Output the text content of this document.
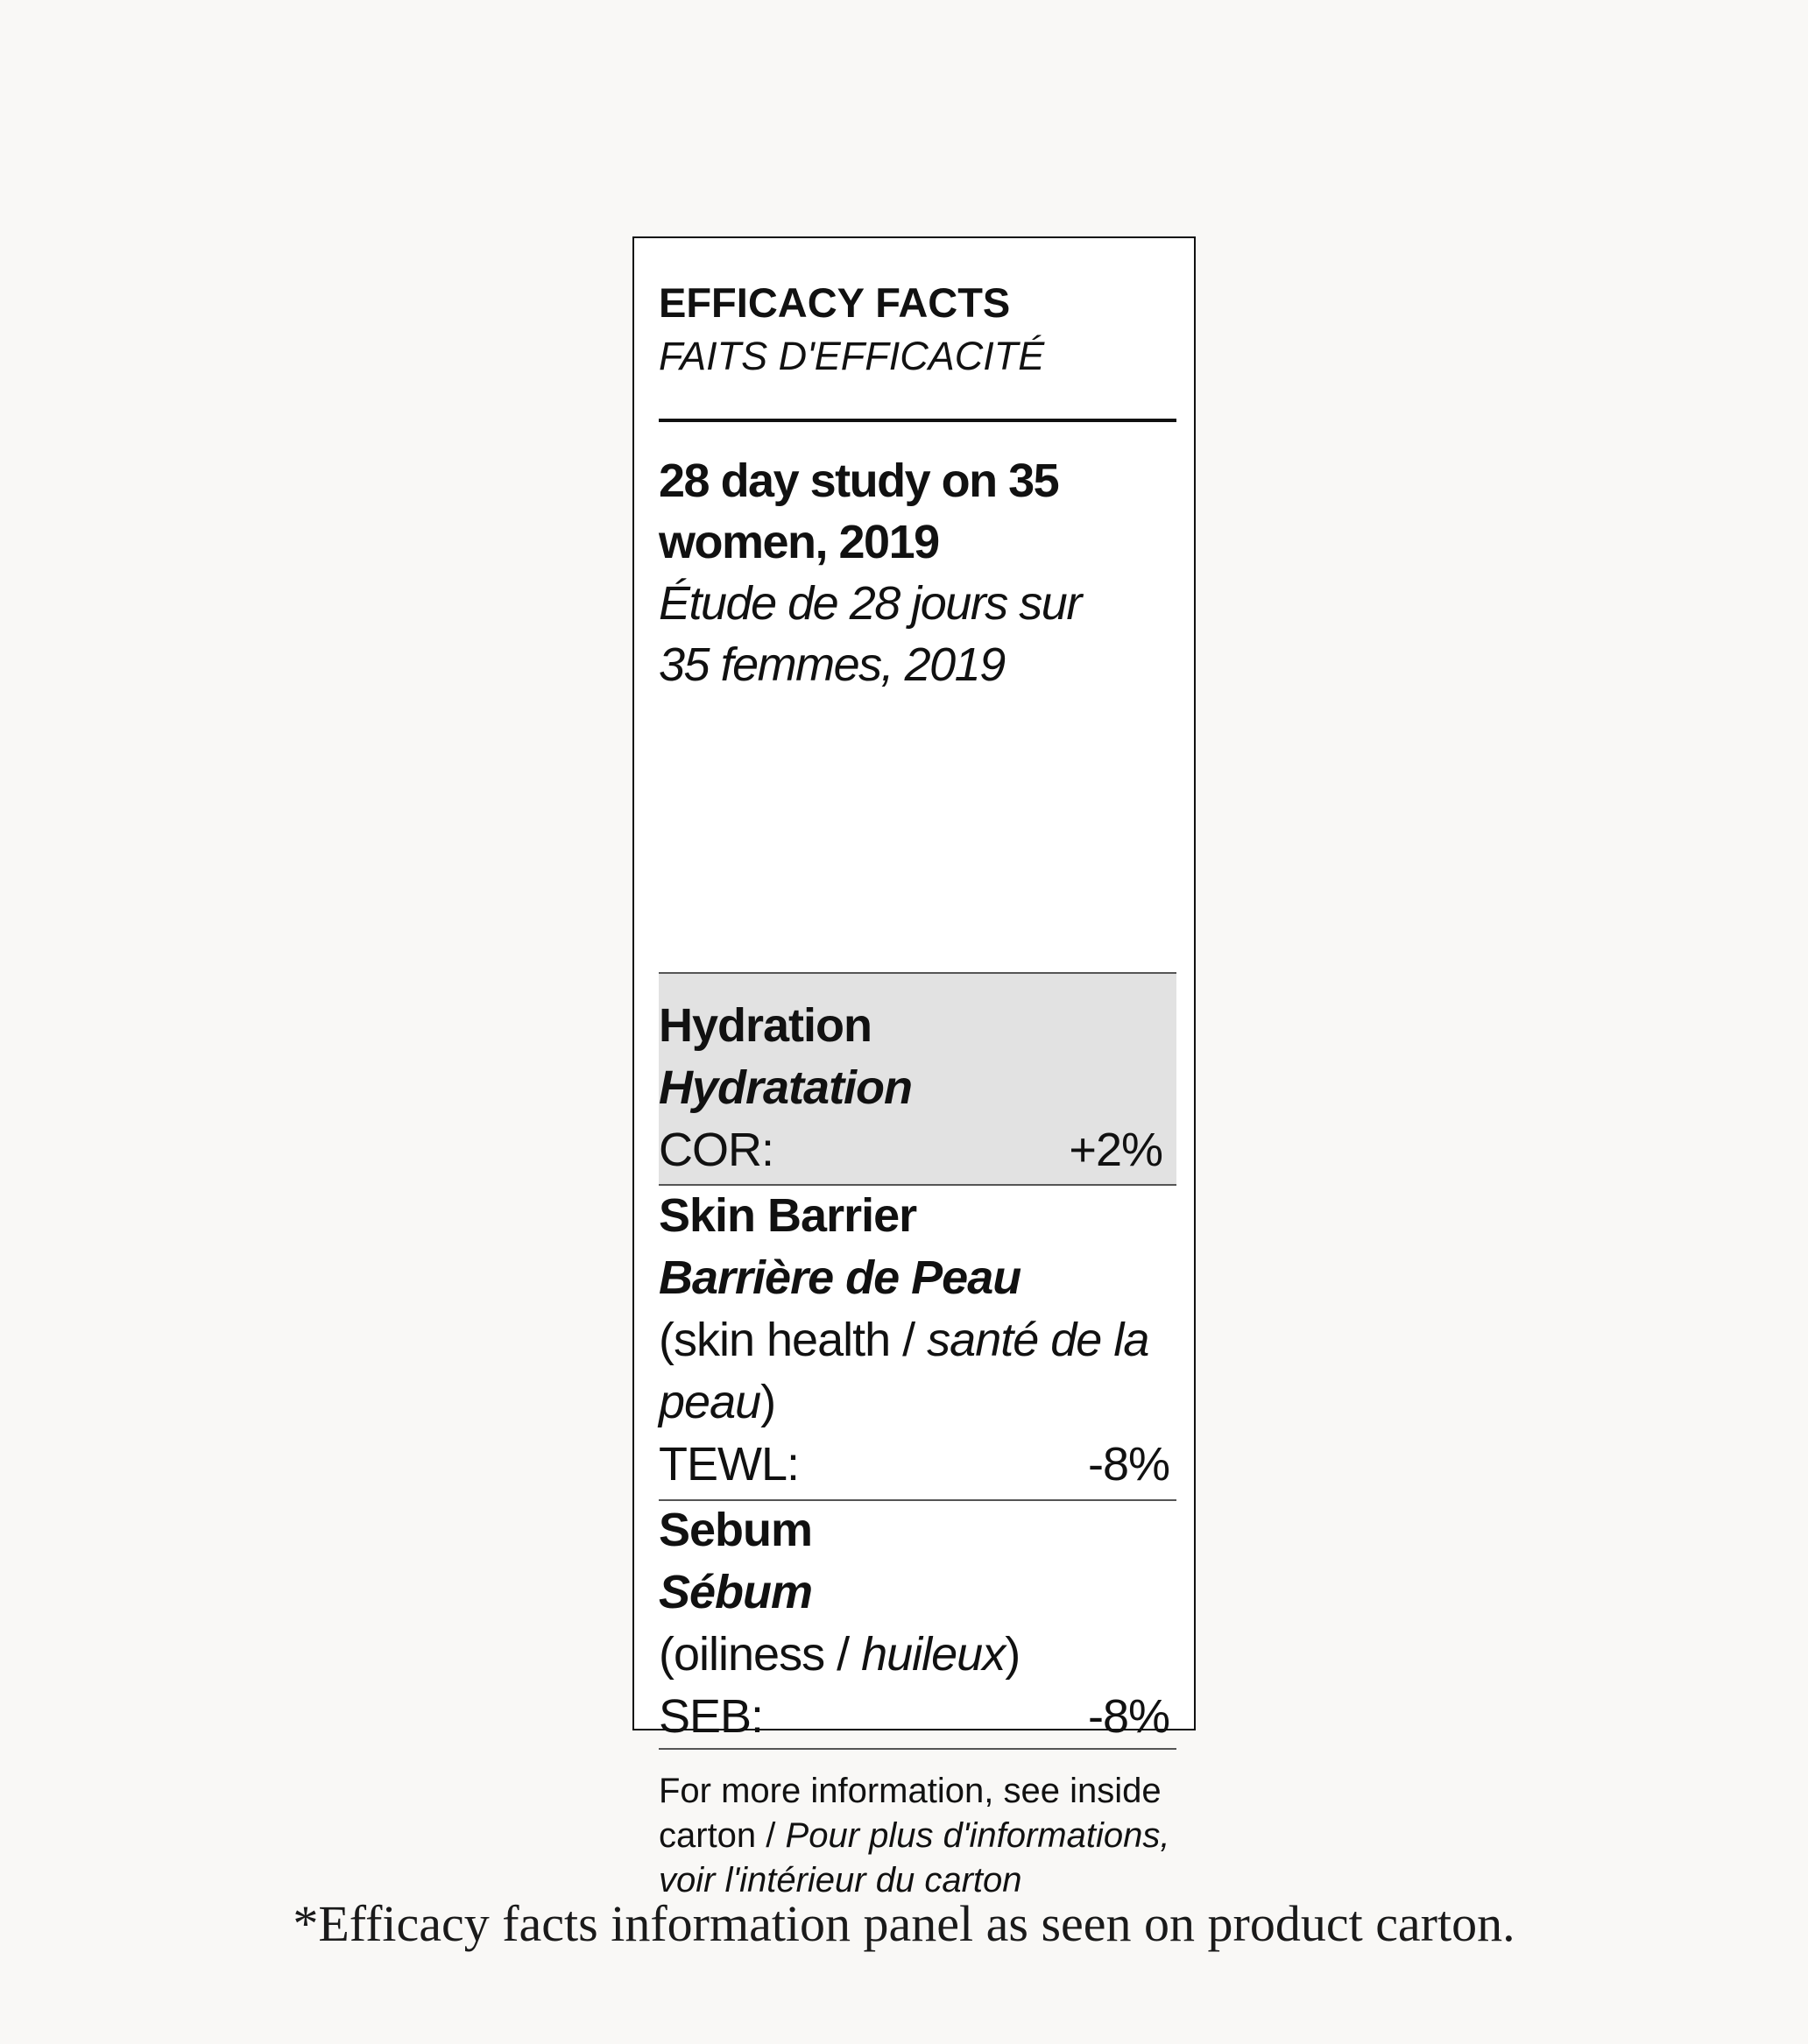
EFFICACY FACTS
FAITS D'EFFICACITÉ
28 day study on 35
women, 2019
Étude de 28 jours sur
35 femmes, 2019
Hydration
Hydratation
COR:	+2%
Skin Barrier
Barrière de Peau
(skin health / santé de la peau)
TEWL:	-8%
Sebum
Sébum
(oiliness / huileux)
SEB:	-8%
For more information, see inside carton / Pour plus d'informations, voir l'intérieur du carton
*Efficacy facts information panel as seen on product carton.
